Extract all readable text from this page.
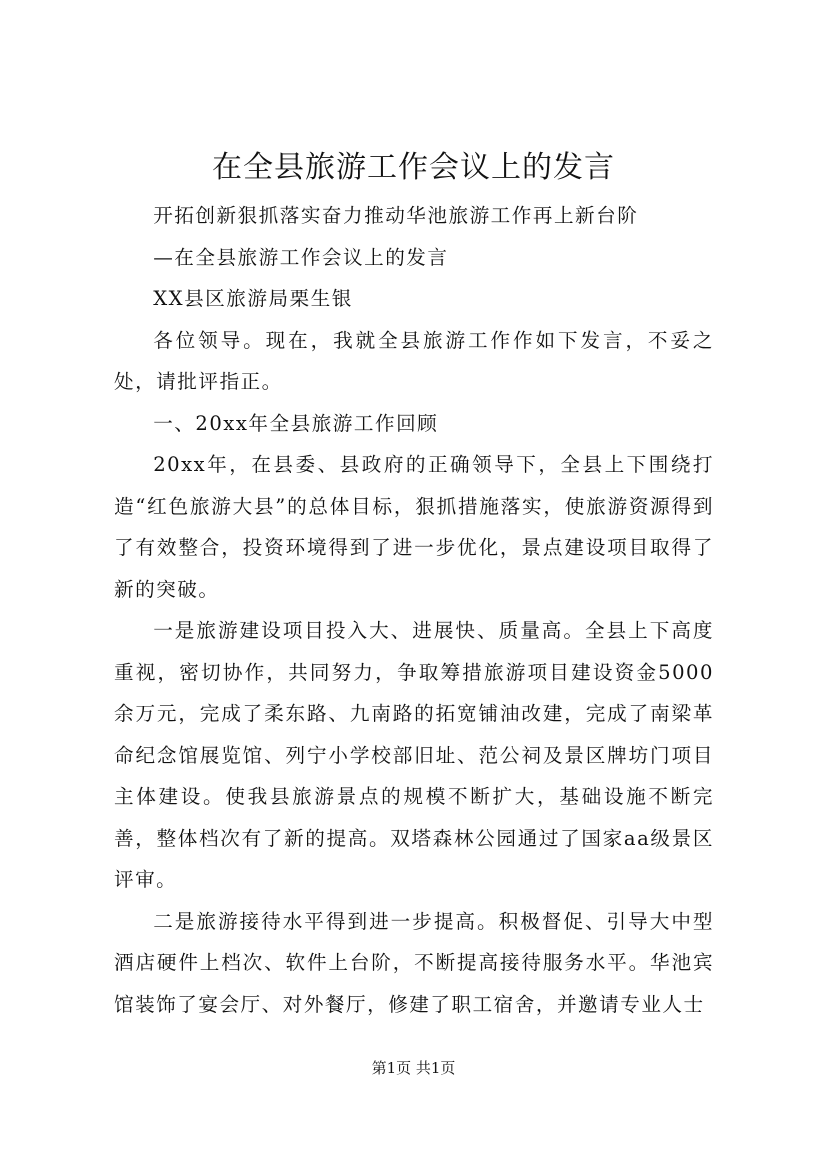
在全县旅游工作会议上的发言

开拓创新狠抓落实奋力推动华池旅游工作再上新台阶

—在全县旅游工作会议上的发言

XX县区旅游局栗生银

各位领导。现在，我就全县旅游工作作如下发言，不妥之处，请批评指正。

一、20xx年全县旅游工作回顾

20xx年，在县委、县政府的正确领导下，全县上下围绕打造“红色旅游大县”的总体目标，狠抓措施落实，使旅游资源得到了有效整合，投资环境得到了进一步优化，景点建设项目取得了新的突破。

一是旅游建设项目投入大、进展快、质量高。全县上下高度重视，密切协作，共同努力，争取筹措旅游项目建设资金5000余万元，完成了柔东路、九南路的拓宽铺油改建，完成了南梁革命纪念馆展览馆、列宁小学校部旧址、范公祠及景区牌坊门项目主体建设。使我县旅游景点的规模不断扩大，基础设施不断完善，整体档次有了新的提高。双塔森林公园通过了国家aa级景区评审。

二是旅游接待水平得到进一步提高。积极督促、引导大中型酒店硬件上档次、软件上台阶，不断提高接待服务水平。华池宾馆装饰了宴会厅、对外餐厅，修建了职工宿舍，并邀请专业人士

第1页 共1页
